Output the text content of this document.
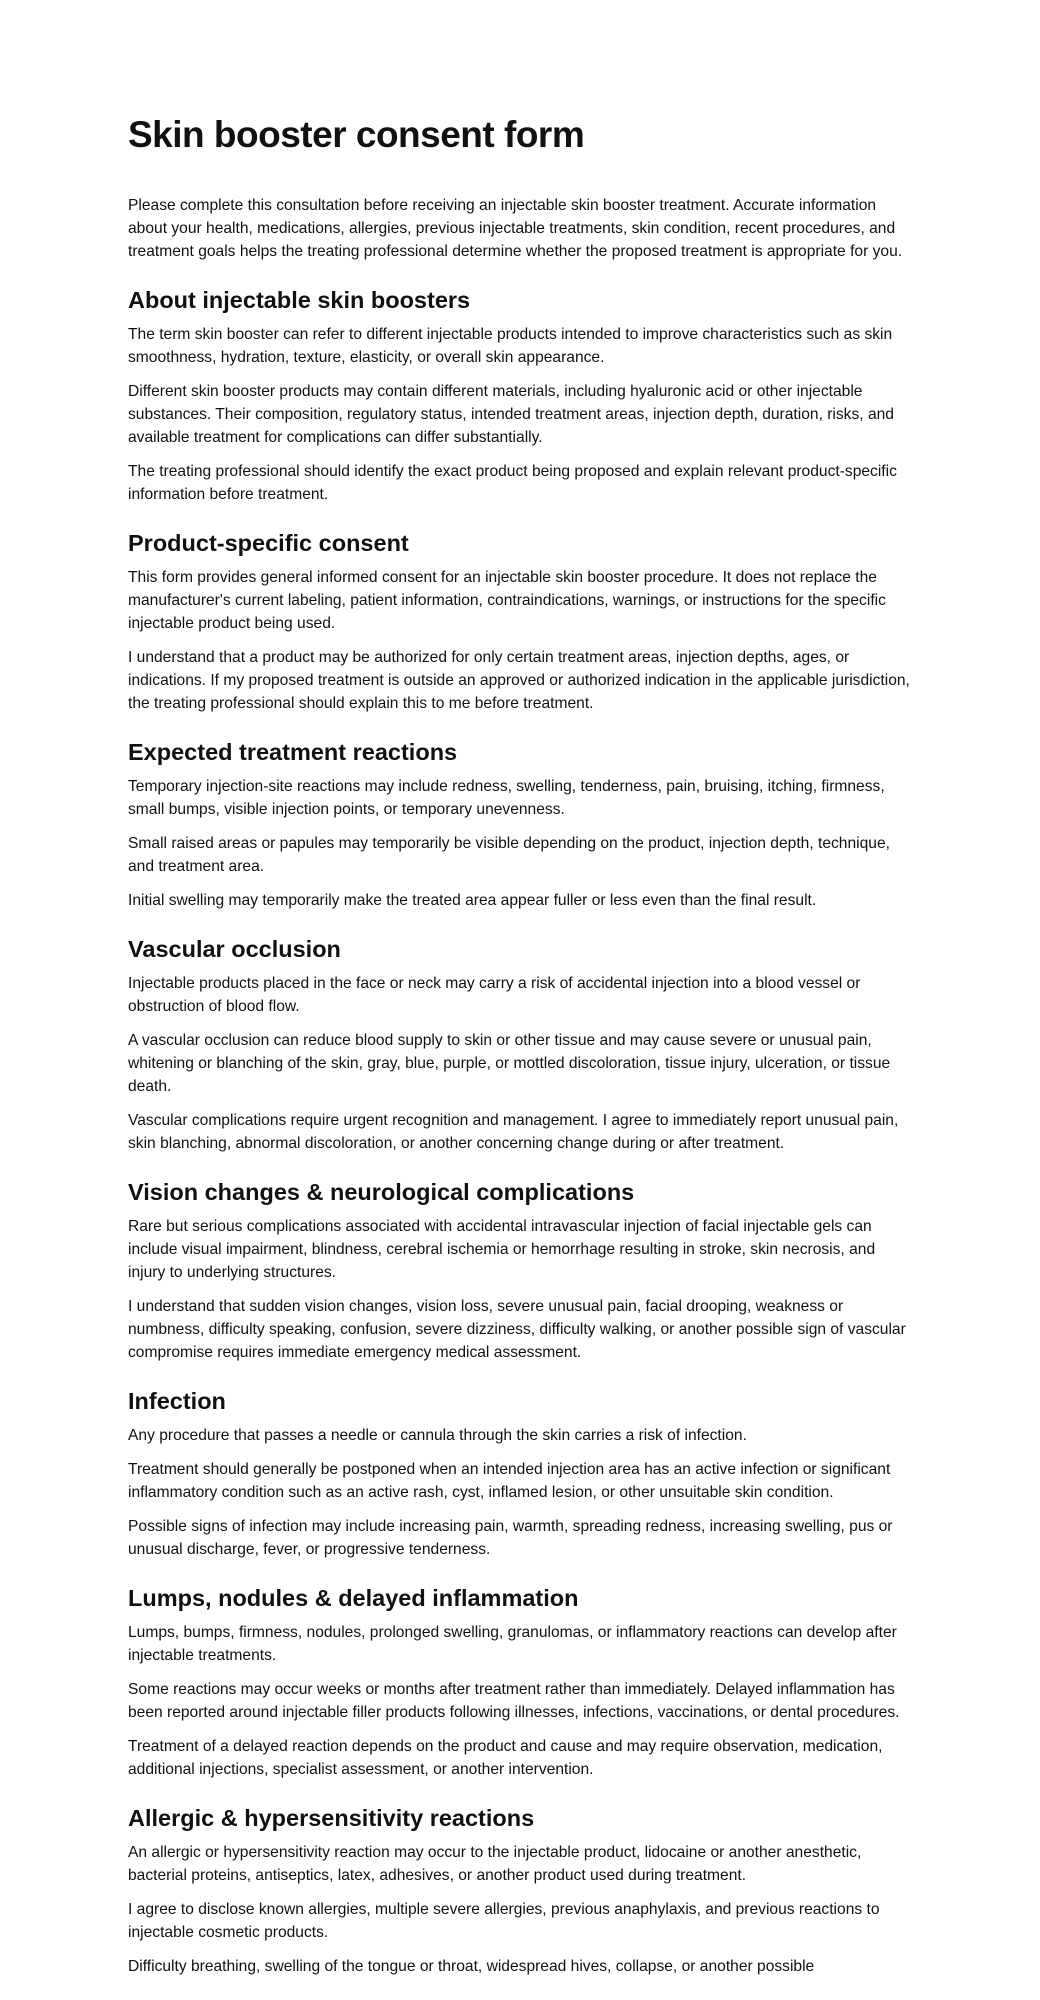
Skin booster consent form

Please complete this consultation before receiving an injectable skin booster treatment. Accurate information about your health, medications, allergies, previous injectable treatments, skin condition, recent procedures, and treatment goals helps the treating professional determine whether the proposed treatment is appropriate for you.

About injectable skin boosters

The term skin booster can refer to different injectable products intended to improve characteristics such as skin smoothness, hydration, texture, elasticity, or overall skin appearance.

Different skin booster products may contain different materials, including hyaluronic acid or other injectable substances. Their composition, regulatory status, intended treatment areas, injection depth, duration, risks, and available treatment for complications can differ substantially.

The treating professional should identify the exact product being proposed and explain relevant product-specific information before treatment.

Product-specific consent

This form provides general informed consent for an injectable skin booster procedure. It does not replace the manufacturer's current labeling, patient information, contraindications, warnings, or instructions for the specific injectable product being used.

I understand that a product may be authorized for only certain treatment areas, injection depths, ages, or indications. If my proposed treatment is outside an approved or authorized indication in the applicable jurisdiction, the treating professional should explain this to me before treatment.

Expected treatment reactions

Temporary injection-site reactions may include redness, swelling, tenderness, pain, bruising, itching, firmness, small bumps, visible injection points, or temporary unevenness.

Small raised areas or papules may temporarily be visible depending on the product, injection depth, technique, and treatment area.

Initial swelling may temporarily make the treated area appear fuller or less even than the final result.

Vascular occlusion

Injectable products placed in the face or neck may carry a risk of accidental injection into a blood vessel or obstruction of blood flow.

A vascular occlusion can reduce blood supply to skin or other tissue and may cause severe or unusual pain, whitening or blanching of the skin, gray, blue, purple, or mottled discoloration, tissue injury, ulceration, or tissue death.

Vascular complications require urgent recognition and management. I agree to immediately report unusual pain, skin blanching, abnormal discoloration, or another concerning change during or after treatment.

Vision changes & neurological complications

Rare but serious complications associated with accidental intravascular injection of facial injectable gels can include visual impairment, blindness, cerebral ischemia or hemorrhage resulting in stroke, skin necrosis, and injury to underlying structures.

I understand that sudden vision changes, vision loss, severe unusual pain, facial drooping, weakness or numbness, difficulty speaking, confusion, severe dizziness, difficulty walking, or another possible sign of vascular compromise requires immediate emergency medical assessment.

Infection

Any procedure that passes a needle or cannula through the skin carries a risk of infection.

Treatment should generally be postponed when an intended injection area has an active infection or significant inflammatory condition such as an active rash, cyst, inflamed lesion, or other unsuitable skin condition.

Possible signs of infection may include increasing pain, warmth, spreading redness, increasing swelling, pus or unusual discharge, fever, or progressive tenderness.

Lumps, nodules & delayed inflammation

Lumps, bumps, firmness, nodules, prolonged swelling, granulomas, or inflammatory reactions can develop after injectable treatments.

Some reactions may occur weeks or months after treatment rather than immediately. Delayed inflammation has been reported around injectable filler products following illnesses, infections, vaccinations, or dental procedures.

Treatment of a delayed reaction depends on the product and cause and may require observation, medication, additional injections, specialist assessment, or another intervention.

Allergic & hypersensitivity reactions

An allergic or hypersensitivity reaction may occur to the injectable product, lidocaine or another anesthetic, bacterial proteins, antiseptics, latex, adhesives, or another product used during treatment.

I agree to disclose known allergies, multiple severe allergies, previous anaphylaxis, and previous reactions to injectable cosmetic products.

Difficulty breathing, swelling of the tongue or throat, widespread hives, collapse, or another possible
